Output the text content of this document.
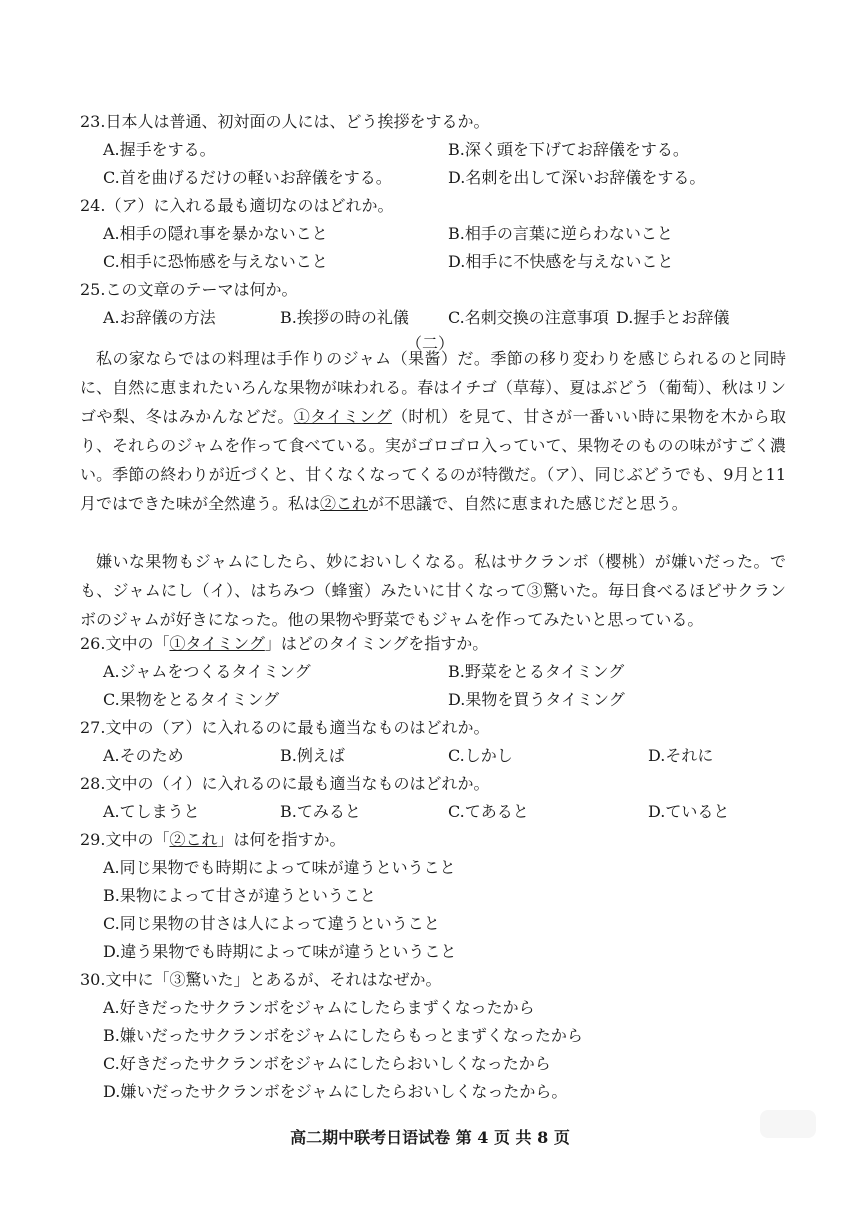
23.日本人は普通、初対面の人には、どう挨拶をするか。
A.握手をする。	B.深く頭を下げてお辞儀をする。
C.首を曲げるだけの軽いお辞儀をする。	D.名刺を出して深いお辞儀をする。
24.（ア）に入れる最も適切なのはどれか。
A.相手の隠れ事を暴かないこと	B.相手の言葉に逆らわないこと
C.相手に恐怖感を与えないこと	D.相手に不快感を与えないこと
25.この文章のテーマは何か。
A.お辞儀の方法	B.挨拶の時の礼儀 C.名刺交換の注意事項 D.握手とお辞儀
（二）

私の家ならではの料理は手作りのジャム（果酱）だ。季節の移り変わりを感じられるのと同時に、自然に恵まれたいろんな果物が味われる。春はイチゴ（草莓）、夏はぶどう（葡萄）、秋はリンゴや梨、冬はみかんなどだ。①タイミング（时机）を見て、甘さが一番いい時に果物を木から取り、それらのジャムを作って食べている。実がゴロゴロ入っていて、果物そのものの味がすごく濃い。季節の終わりが近づくと、甘くなくなってくるのが特徴だ。（ア）、同じぶどうでも、9月と11月ではできた味が全然違う。私は②これが不思議で、自然に恵まれた感じだと思う。

嫌いな果物もジャムにしたら、妙においしくなる。私はサクランボ（樱桃）が嫌いだった。でも、ジャムにし（イ）、はちみつ（蜂蜜）みたいに甘くなって③驚いた。毎日食べるほどサクランボのジャムが好きになった。他の果物や野菜でもジャムを作ってみたいと思っている。

26.文中の「①タイミング」はどのタイミングを指すか。
A.ジャムをつくるタイミング	B.野菜をとるタイミング
C.果物をとるタイミング	D.果物を買うタイミング
27.文中の（ア）に入れるのに最も適当なものはどれか。
A.そのため	B.例えば	C.しかし	D.それに
28.文中の（イ）に入れるのに最も適当なものはどれか。
A.てしまうと	B.てみると	C.てあると	D.ていると
29.文中の「②これ」は何を指すか。
A.同じ果物でも時期によって味が違うということ
B.果物によって甘さが違うということ
C.同じ果物の甘さは人によって違うということ
D.違う果物でも時期によって味が違うということ
30.文中に「③驚いた」とあるが、それはなぜか。
A.好きだったサクランボをジャムにしたらまずくなったから
B.嫌いだったサクランボをジャムにしたらもっとまずくなったから
C.好きだったサクランボをジャムにしたらおいしくなったから
D.嫌いだったサクランボをジャムにしたらおいしくなったから。
高二期中联考日语试卷 第 4 页 共 8 页
